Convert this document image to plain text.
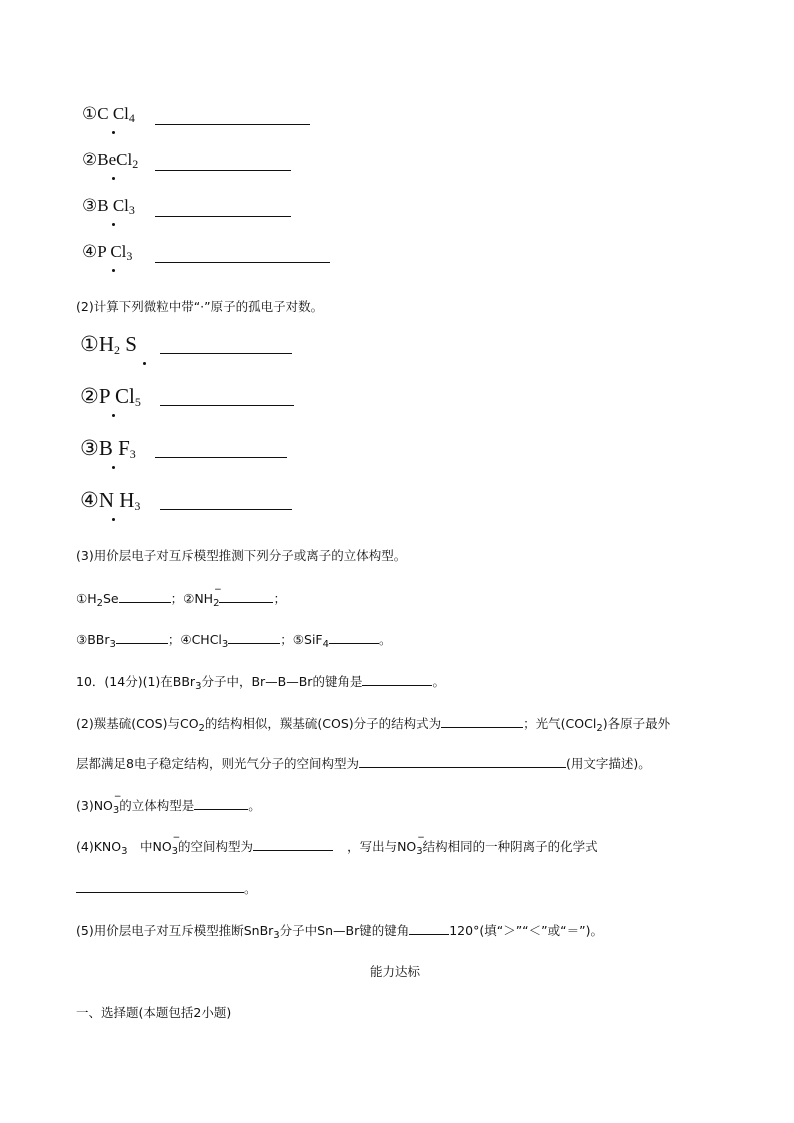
①C Cl4
②BeCl2
③B Cl3
④P Cl3
(2)计算下列微粒中带“·”原子的孤电子对数。
①H2 S
②P Cl5
③B F3
④N H3
(3)用价层电子对互斥模型推测下列分子或离子的立体构型。
$①H_2Se$	；②NH
−
$_2$	；
③BBr$_3$	；④CHCl$_3$	；⑤SiF$_4$	。
10．(14分)(1)在BBr$_3$分子中，Br—B—Br的键角是	。
(2)羰基硫(COS)与$CO_2$的结构相似，羰基硫(COS)分子的结构式为	；光气(COCl$_2$)各原子最外
层都满足8电子稳定结构，则光气分子的空间构型为	(用文字描述)。
(3)NO
−
$_3$的立体构型是	。
$(4)KNO_3$　中NO
−
$_3$的空间构型为	，写出与NO
−
$_3$结构相同的一种阴离子的化学式
。
(5)用价层电子对互斥模型推断SnBr$_3$分子中Sn—Br键的键角	120°(填“＞”“＜”或“＝”)。
能力达标
一、选择题(本题包括2小题)
